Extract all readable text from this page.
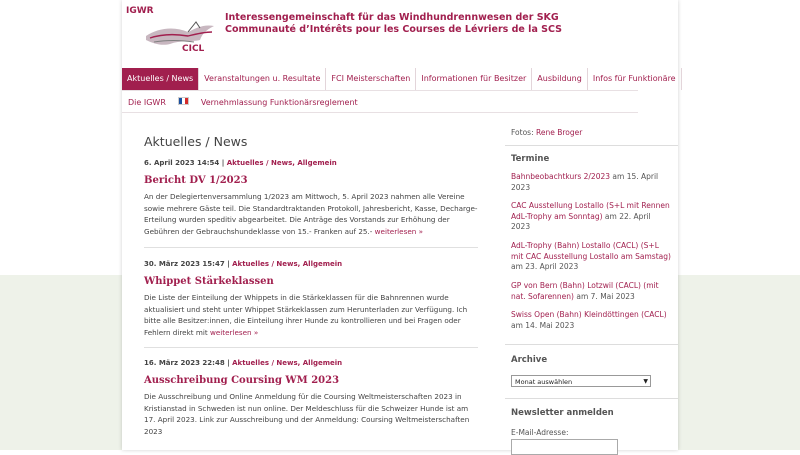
IGWR
CICL
Interessengemeinschaft für das Windhundrennwesen der SKG
Communauté d’Intérêts pour les Courses de Lévriers de la SCS
Aktuelles / News	Veranstaltungen u. Resultate	FCI Meisterschaften	Informationen für Besitzer	Ausbildung	Infos für Funktionäre
Die IGWR	Vernehmlassung Funktionärsreglement
Aktuelles / News
6. April 2023 14:54 | Aktuelles / News, Allgemein
Bericht DV 1/2023
An der Delegiertenversammlung 1/2023 am Mittwoch, 5. April 2023 nahmen alle Vereine sowie mehrere Gäste teil. Die Standardtraktanden Protokoll, Jahresbericht, Kasse, Decharge-Erteilung wurden speditiv abgearbeitet. Die Anträge des Vorstands zur Erhöhung der Gebühren der Gebrauchshundeklasse von 15.- Franken auf 25.- weiterlesen »
30. März 2023 15:47 | Aktuelles / News, Allgemein
Whippet Stärkeklassen
Die Liste der Einteilung der Whippets in die Stärkeklassen für die Bahnrennen wurde aktualisiert und steht unter Whippet Stärkeklassen zum Herunterladen zur Verfügung. Ich bitte alle Besitzer:innen, die Einteilung ihrer Hunde zu kontrollieren und bei Fragen oder Fehlern direkt mit weiterlesen »
16. März 2023 22:48 | Aktuelles / News, Allgemein
Ausschreibung Coursing WM 2023
Die Ausschreibung und Online Anmeldung für die Coursing Weltmeisterschaften 2023 in Kristianstad in Schweden ist nun online. Der Meldeschluss für die Schweizer Hunde ist am 17. April 2023. Link zur Ausschreibung und der Anmeldung: Coursing Weltmeisterschaften 2023
Fotos: Rene Broger
Termine
Bahnbeobachtkurs 2/2023 am 15. April 2023
CAC Ausstellung Lostallo (S+L mit Rennen AdL-Trophy am Sonntag) am 22. April 2023
AdL-Trophy (Bahn) Lostallo (CACL) (S+L mit CAC Ausstellung Lostallo am Samstag) am 23. April 2023
GP von Bern (Bahn) Lotzwil (CACL) (mit nat. Sofarennen) am 7. Mai 2023
Swiss Open (Bahn) Kleindöttingen (CACL) am 14. Mai 2023
Archive
Monat auswählen	▼
Newsletter anmelden
E-Mail-Adresse:
